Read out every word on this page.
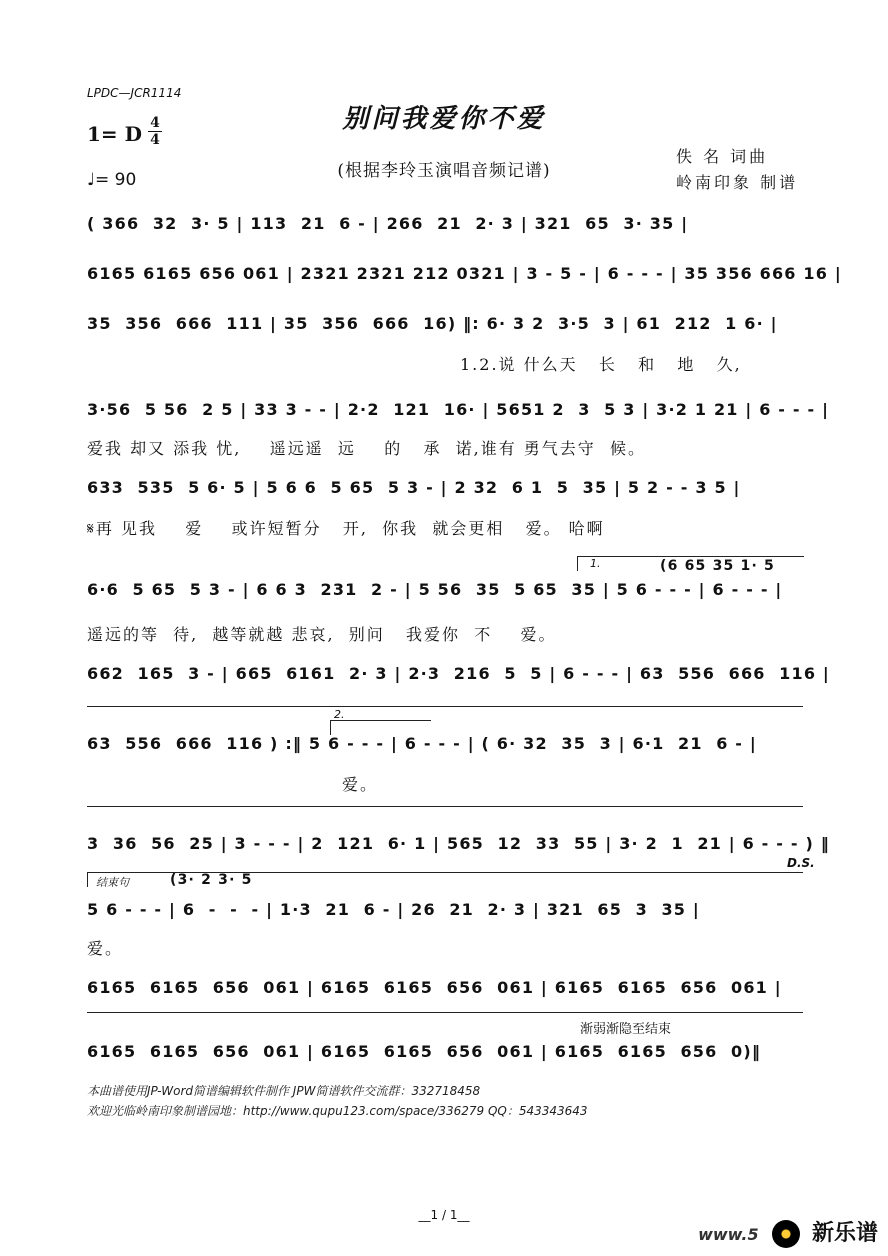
LPDC—JCR1114
别问我爱你不爱
(根据李玲玉演唱音频记谱)
1= D 4
4
♩= 90
佚 名 词曲
岭南印象 制谱
( 366  32  3· 5 | 113  21  6 - | 266  21  2· 3 | 321  65  3· 35 |
6165 6165 656 061 | 2321 2321 212 0321 | 3 - 5 - | 6 - - - | 35 356 666 16 |
35  356  666  111 | 35  356  666  16) ‖: 6· 3 2  3·5  3 | 61  212  1 6· |
1.2.说 什么天   长   和   地   久,
3·56  5 56  2 5 | 33 3 - - | 2·2  121  16· | 5651 2  3  5 3 | 3·2 1 21 | 6 - - - |
爱我 却又 添我 忧,    遥远遥  远    的   承  诺,谁有 勇气去守  候。
633  535  5 6· 5 | 5 6 6  5 65  5 3 - | 2 32  6 1  5  35 | 5 2 - - 3 5 |
𝄋再 见我    爱    或许短暂分   开,  你我  就会更相   爱。 哈啊
1.	(6 65 35 1· 5
6·6  5 65  5 3 - | 6 6 3  231  2 - | 5 56  35  5 65  35 | 5 6 - - - | 6 - - - |
遥远的等  待,  越等就越 悲哀,  别问   我爱你  不    爱。
662  165  3 - | 665  6161  2· 3 | 2·3  216  5  5 | 6 - - - | 63  556  666  116 |
2.
63  556  666  116 ) :‖ 5 6 - - - | 6 - - - | ( 6· 32  35  3 | 6·1  21  6 - |
爱。
3  36  56  25 | 3 - - - | 2  121  6· 1 | 565  12  33  55 | 3· 2  1  21 | 6 - - - ) ‖
D.S.
结束句	(3· 2 3· 5
5 6 - - - | 6  -  -  - | 1·3  21  6 - | 26  21  2· 3 | 321  65  3  35 |
爱。
6165  6165  656  061 | 6165  6165  656  061 | 6165  6165  656  061 |
渐弱渐隐至结束
6165  6165  656  061 | 6165  6165  656  061 | 6165  6165  656  0)‖
本曲谱使用JP-Word简谱编辑软件制作 JPW简谱软件交流群：332718458
欢迎光临岭南印象制谱园地：http://www.qupu123.com/space/336279 QQ：543343643
__1 / 1__
www.5 新乐谱
